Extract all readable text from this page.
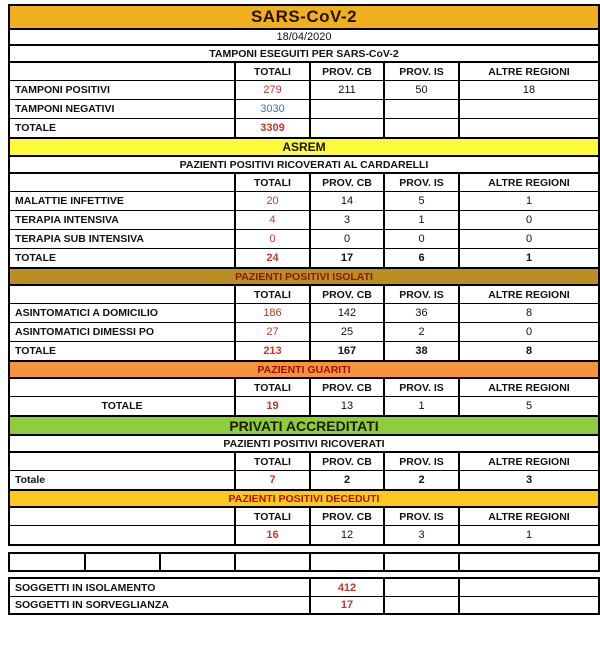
SARS-CoV-2
18/04/2020
TAMPONI ESEGUITI PER SARS-CoV-2
TOTALI	PROV. CB	PROV. IS	ALTRE REGIONI
TAMPONI POSITIVI	279	211	50	18
TAMPONI NEGATIVI	3030
TOTALE	3309
ASREM
PAZIENTI POSITIVI RICOVERATI AL CARDARELLI
TOTALI	PROV. CB	PROV. IS	ALTRE REGIONI
MALATTIE INFETTIVE	20	14	5	1
TERAPIA INTENSIVA	4	3	1	0
TERAPIA SUB INTENSIVA	0	0	0	0
TOTALE	24	17	6	1
PAZIENTI POSITIVI ISOLATI
TOTALI	PROV. CB	PROV. IS	ALTRE REGIONI
ASINTOMATICI A DOMICILIO	186	142	36	8
ASINTOMATICI DIMESSI PO	27	25	2	0
TOTALE	213	167	38	8
PAZIENTI GUARITI
TOTALI	PROV. CB	PROV. IS	ALTRE REGIONI
TOTALE	19	13	1	5
PRIVATI ACCREDITATI
PAZIENTI POSITIVI RICOVERATI
TOTALI	PROV. CB	PROV. IS	ALTRE REGIONI
Totale	7	2	2	3
PAZIENTI POSITIVI DECEDUTI
TOTALI	PROV. CB	PROV. IS	ALTRE REGIONI
16	12	3	1
SOGGETTI IN ISOLAMENTO	412
SOGGETTI IN SORVEGLIANZA	17
